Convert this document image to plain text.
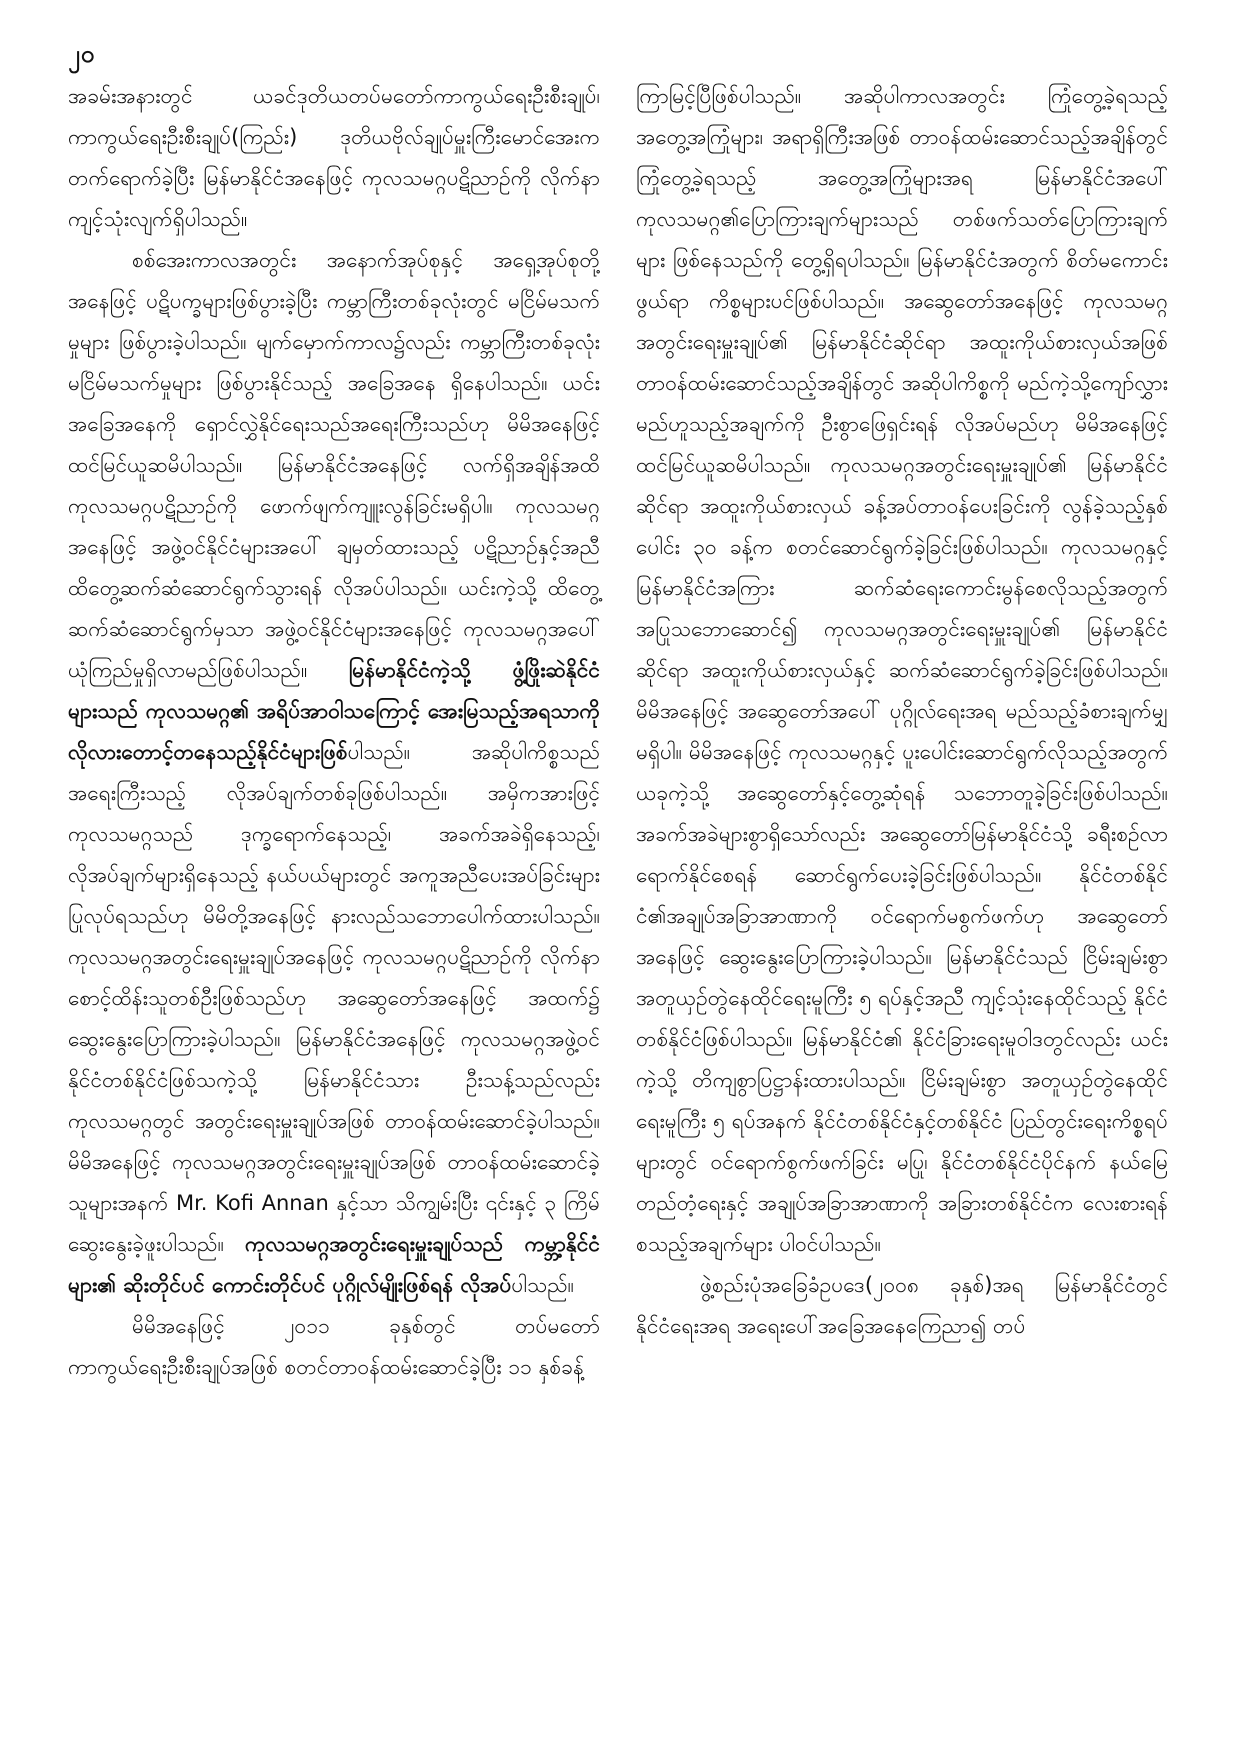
၂၀

အခမ်းအနားတွင် ယခင်ဒုတိယတပ်မတော်ကာကွယ်ရေးဦးစီးချုပ်၊ ကာကွယ်ရေးဦးစီးချုပ်(ကြည်း) ဒုတိယဗိုလ်ချုပ်မှူးကြီးမောင်အေးက တက်ရောက်ခဲ့ပြီး မြန်မာနိုင်ငံအနေဖြင့် ကုလသမဂ္ဂပဋိညာဉ်ကို လိုက်နာကျင့်သုံးလျက်ရှိပါသည်။

စစ်အေးကာလအတွင်း အနောက်အုပ်စုနှင့် အရှေ့အုပ်စုတို့အနေဖြင့် ပဋိပက္ခများဖြစ်ပွားခဲ့ပြီး ကမ္ဘာကြီးတစ်ခုလုံးတွင် မငြိမ်မသက်မှုများ ဖြစ်ပွားခဲ့ပါသည်။ မျက်မှောက်ကာလ၌လည်း ကမ္ဘာကြီးတစ်ခုလုံး မငြိမ်မသက်မှုများ ဖြစ်ပွားနိုင်သည့် အခြေအနေ ရှိနေပါသည်။ ယင်းအခြေအနေကို ရှောင်လွှဲနိုင်ရေးသည်အရေးကြီးသည်ဟု မိမိအနေဖြင့် ထင်မြင်ယူဆမိပါသည်။ မြန်မာနိုင်ငံအနေဖြင့် လက်ရှိအချိန်အထိ ကုလသမဂ္ဂပဋိညာဉ်ကို ဖောက်ဖျက်ကျူးလွန်ခြင်းမရှိပါ။ ကုလသမဂ္ဂအနေဖြင့် အဖွဲ့ဝင်နိုင်ငံများအပေါ် ချမှတ်ထားသည့် ပဋိညာဉ်နှင့်အညီ ထိတွေ့ဆက်ဆံဆောင်ရွက်သွားရန် လိုအပ်ပါသည်။ ယင်းကဲ့သို့ ထိတွေ့ဆက်ဆံဆောင်ရွက်မှသာ အဖွဲ့ဝင်နိုင်ငံများအနေဖြင့် ကုလသမဂ္ဂအပေါ် ယုံကြည်မှုရှိလာမည်ဖြစ်ပါသည်။ မြန်မာနိုင်ငံကဲ့သို့ ဖွံ့ဖြိုးဆဲနိုင်ငံများသည် ကုလသမဂ္ဂ၏ အရိပ်အာဝါသကြောင့် အေးမြသည့်အရသာကို လိုလားတောင့်တနေသည့်နိုင်ငံများဖြစ်ပါသည်။ အဆိုပါကိစ္စသည် အရေးကြီးသည့် လိုအပ်ချက်တစ်ခုဖြစ်ပါသည်။ အမှိကအားဖြင့် ကုလသမဂ္ဂသည် ဒုက္ခရောက်နေသည့်၊ အခက်အခဲရှိနေသည့်၊ လိုအပ်ချက်များရှိနေသည့် နယ်ပယ်များတွင် အကူအညီပေးအပ်ခြင်းများ ပြုလုပ်ရသည်ဟု မိမိတို့အနေဖြင့် နားလည်သဘောပေါက်ထားပါသည်။ ကုလသမဂ္ဂအတွင်းရေးမှူးချုပ်အနေဖြင့် ကုလသမဂ္ဂပဋိညာဉ်ကို လိုက်နာစောင့်ထိန်းသူတစ်ဦးဖြစ်သည်ဟု အဆွေတော်အနေဖြင့် အထက်၌ ဆွေးနွေးပြောကြားခဲ့ပါသည်။ မြန်မာနိုင်ငံအနေဖြင့် ကုလသမဂ္ဂအဖွဲ့ဝင်နိုင်ငံတစ်နိုင်ငံဖြစ်သကဲ့သို့ မြန်မာနိုင်ငံသား ဦးသန့်သည်လည်း ကုလသမဂ္ဂတွင် အတွင်းရေးမှူးချုပ်အဖြစ် တာဝန်ထမ်းဆောင်ခဲ့ပါသည်။ မိမိအနေဖြင့် ကုလသမဂ္ဂအတွင်းရေးမှူးချုပ်အဖြစ် တာဝန်ထမ်းဆောင်ခဲ့သူများအနက် Mr. Kofi Annan နှင့်သာ သိကျွမ်းပြီး ၎င်းနှင့် ၃ ကြိမ် ဆွေးနွေးခဲ့ဖူးပါသည်။ ကုလသမဂ္ဂအတွင်းရေးမှူးချုပ်သည် ကမ္ဘာ့နိုင်ငံများ၏ ဆိုးတိုင်ပင် ကောင်းတိုင်ပင် ပုဂ္ဂိုလ်မျိုးဖြစ်ရန် လိုအပ်ပါသည်။

မိမိအနေဖြင့် ၂၀၁၁ ခုနှစ်တွင် တပ်မတော်ကာကွယ်ရေးဦးစီးချုပ်အဖြစ် စတင်တာဝန်ထမ်းဆောင်ခဲ့ပြီး ၁၁ နှစ်ခန့်

ကြာမြင့်ပြီဖြစ်ပါသည်။ အဆိုပါကာလအတွင်း ကြုံတွေ့ခဲ့ရသည့်အတွေ့အကြုံများ၊ အရာရှိကြီးအဖြစ် တာဝန်ထမ်းဆောင်သည့်အချိန်တွင် ကြုံတွေ့ခဲ့ရသည့် အတွေ့အကြုံများအရ မြန်မာနိုင်ငံအပေါ် ကုလသမဂ္ဂ၏ပြောကြားချက်များသည် တစ်ဖက်သတ်ပြောကြားချက်များ ဖြစ်နေသည်ကို တွေ့ရှိရပါသည်။ မြန်မာနိုင်ငံအတွက် စိတ်မကောင်းဖွယ်ရာ ကိစ္စများပင်ဖြစ်ပါသည်။ အဆွေတော်အနေဖြင့် ကုလသမဂ္ဂအတွင်းရေးမှူးချုပ်၏ မြန်မာနိုင်ငံဆိုင်ရာ အထူးကိုယ်စားလှယ်အဖြစ် တာဝန်ထမ်းဆောင်သည့်အချိန်တွင် အဆိုပါကိစ္စကို မည်ကဲ့သို့ကျော်လွှားမည်ဟူသည့်အချက်ကို ဦးစွာဖြေရှင်းရန် လိုအပ်မည်ဟု မိမိအနေဖြင့် ထင်မြင်ယူဆမိပါသည်။ ကုလသမဂ္ဂအတွင်းရေးမှူးချုပ်၏ မြန်မာနိုင်ငံဆိုင်ရာ အထူးကိုယ်စားလှယ် ခန့်အပ်တာဝန်ပေးခြင်းကို လွန်ခဲ့သည့်နှစ်ပေါင်း ၃၀ ခန့်က စတင်ဆောင်ရွက်ခဲ့ခြင်းဖြစ်ပါသည်။ ကုလသမဂ္ဂနှင့် မြန်မာနိုင်ငံအကြား ဆက်ဆံရေးကောင်းမွန်စေလိုသည့်အတွက် အပြုသဘောဆောင်၍ ကုလသမဂ္ဂအတွင်းရေးမှူးချုပ်၏ မြန်မာနိုင်ငံဆိုင်ရာ အထူးကိုယ်စားလှယ်နှင့် ဆက်ဆံဆောင်ရွက်ခဲ့ခြင်းဖြစ်ပါသည်။ မိမိအနေဖြင့် အဆွေတော်အပေါ် ပုဂ္ဂိုလ်ရေးအရ မည်သည့်ခံစားချက်မျှမရှိပါ။ မိမိအနေဖြင့် ကုလသမဂ္ဂနှင့် ပူးပေါင်းဆောင်ရွက်လိုသည့်အတွက် ယခုကဲ့သို့ အဆွေတော်နှင့်တွေ့ဆုံရန် သဘောတူခဲ့ခြင်းဖြစ်ပါသည်။ အခက်အခဲများစွာရှိသော်လည်း အဆွေတော်မြန်မာနိုင်ငံသို့ ခရီးစဉ်လာရောက်နိုင်စေရန် ဆောင်ရွက်ပေးခဲ့ခြင်းဖြစ်ပါသည်။ နိုင်ငံတစ်နိုင်ငံ၏အချုပ်အခြာအာဏာကို ဝင်ရောက်မစွက်ဖက်ဟု အဆွေတော်အနေဖြင့် ဆွေးနွေးပြောကြားခဲ့ပါသည်။ မြန်မာနိုင်ငံသည် ငြိမ်းချမ်းစွာအတူယှဉ်တွဲနေထိုင်ရေးမူကြီး ၅ ရပ်နှင့်အညီ ကျင့်သုံးနေထိုင်သည့် နိုင်ငံတစ်နိုင်ငံဖြစ်ပါသည်။ မြန်မာနိုင်ငံ၏ နိုင်ငံခြားရေးမူဝါဒတွင်လည်း ယင်းကဲ့သို့ တိကျစွာပြဋ္ဌာန်းထားပါသည်။ ငြိမ်းချမ်းစွာ အတူယှဉ်တွဲနေထိုင်ရေးမူကြီး ၅ ရပ်အနက် နိုင်ငံတစ်နိုင်ငံနှင့်တစ်နိုင်ငံ ပြည်တွင်းရေးကိစ္စရပ်များတွင် ဝင်ရောက်စွက်ဖက်ခြင်း မပြု၊ နိုင်ငံတစ်နိုင်ငံပိုင်နက် နယ်မြေတည်တံ့ရေးနှင့် အချုပ်အခြာအာဏာကို အခြားတစ်နိုင်ငံက လေးစားရန် စသည့်အချက်များ ပါဝင်ပါသည်။

ဖွဲ့စည်းပုံအခြေခံဥပဒေ(၂၀၀၈ ခုနှစ်)အရ မြန်မာနိုင်ငံတွင် နိုင်ငံရေးအရ အရေးပေါ်အခြေအနေကြေညာ၍ တပ်
